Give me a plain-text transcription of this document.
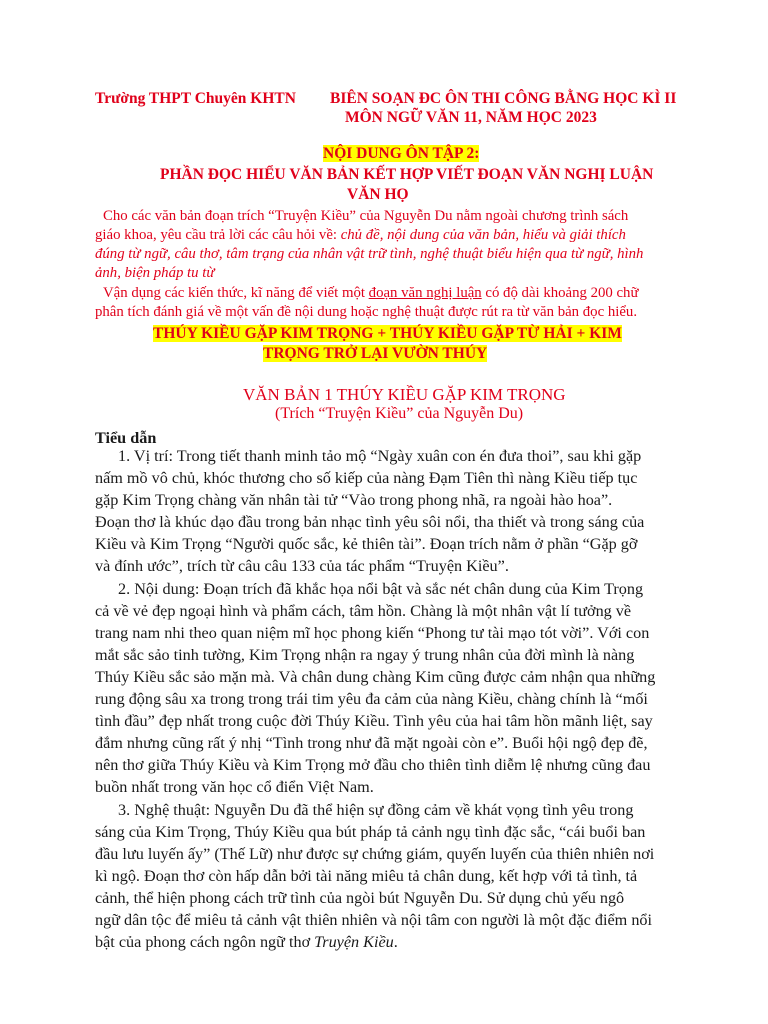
Trường THPT Chuyên KHTN BIÊN SOẠN ĐC ÔN THI CÔNG BẰNG HỌC KÌ II
MÔN NGỮ VĂN 11, NĂM HỌC 2023
NỘI DUNG ÔN TẬP 2:
PHẦN ĐỌC HIỂU VĂN BẢN KẾT HỢP VIẾT ĐOẠN VĂN NGHỊ LUẬN
VĂN HỌ
Cho các văn bản đoạn trích “Truyện Kiều” của Nguyễn Du nằm ngoài chương trình sách
giáo khoa, yêu cầu trả lời các câu hỏi về: chủ đề, nội dung của văn bản, hiểu và giải thích
đúng từ ngữ, câu thơ, tâm trạng của nhân vật trữ tình, nghệ thuật biểu hiện qua từ ngữ, hình
ảnh, biện pháp tu từ
Vận dụng các kiến thức, kĩ năng để viết một đoạn văn nghị luận có độ dài khoảng 200 chữ
phân tích đánh giá về một vấn đề nội dung hoặc nghệ thuật được rút ra từ văn bản đọc hiểu.
THÚY KIỀU GẶP KIM TRỌNG + THÚY KIỀU GẶP TỪ HẢI + KIM
TRỌNG TRỞ LẠI VƯỜN THÚY
VĂN BẢN 1 THÚY KIỀU GẶP KIM TRỌNG
(Trích “Truyện Kiều” của Nguyễn Du)
Tiểu dẫn
1. Vị trí: Trong tiết thanh minh tảo mộ “Ngày xuân con én đưa thoi”, sau khi gặp
nấm mồ vô chủ, khóc thương cho số kiếp của nàng Đạm Tiên thì nàng Kiều tiếp tục
gặp Kim Trọng chàng văn nhân tài tử “Vào trong phong nhã, ra ngoài hào hoa”.
Đoạn thơ là khúc dạo đầu trong bản nhạc tình yêu sôi nổi, tha thiết và trong sáng của
Kiều và Kim Trọng “Người quốc sắc, kẻ thiên tài”. Đoạn trích nằm ở phần “Gặp gỡ
và đính ước”, trích từ câu câu 133 của tác phẩm “Truyện Kiều”.
2. Nội dung: Đoạn trích đã khắc họa nổi bật và sắc nét chân dung của Kim Trọng
cả về vẻ đẹp ngoại hình và phẩm cách, tâm hồn. Chàng là một nhân vật lí tưởng về
trang nam nhi theo quan niệm mĩ học phong kiến “Phong tư tài mạo tót vời”. Với con
mắt sắc sảo tinh tường, Kim Trọng nhận ra ngay ý trung nhân của đời mình là nàng
Thúy Kiều sắc sảo mặn mà. Và chân dung chàng Kim cũng được cảm nhận qua những
rung động sâu xa trong trong trái tim yêu đa cảm của nàng Kiều, chàng chính là “mối
tình đầu” đẹp nhất trong cuộc đời Thúy Kiều. Tình yêu của hai tâm hồn mãnh liệt, say
đắm nhưng cũng rất ý nhị “Tình trong như đã mặt ngoài còn e”. Buổi hội ngộ đẹp đẽ,
nên thơ giữa Thúy Kiều và Kim Trọng mở đầu cho thiên tình diễm lệ nhưng cũng đau
buồn nhất trong văn học cổ điển Việt Nam.
3. Nghệ thuật: Nguyễn Du đã thể hiện sự đồng cảm về khát vọng tình yêu trong
sáng của Kim Trọng, Thúy Kiều qua bút pháp tả cảnh ngụ tình đặc sắc, “cái buổi ban
đầu lưu luyến ấy” (Thế Lữ) như được sự chứng giám, quyến luyến của thiên nhiên nơi
kì ngộ. Đoạn thơ còn hấp dẫn bởi tài năng miêu tả chân dung, kết hợp với tả tình, tả
cảnh, thể hiện phong cách trữ tình của ngòi bút Nguyễn Du. Sử dụng chủ yếu ngô
ngữ dân tộc để miêu tả cảnh vật thiên nhiên và nội tâm con người là một đặc điểm nổi
bật của phong cách ngôn ngữ thơ Truyện Kiều.
